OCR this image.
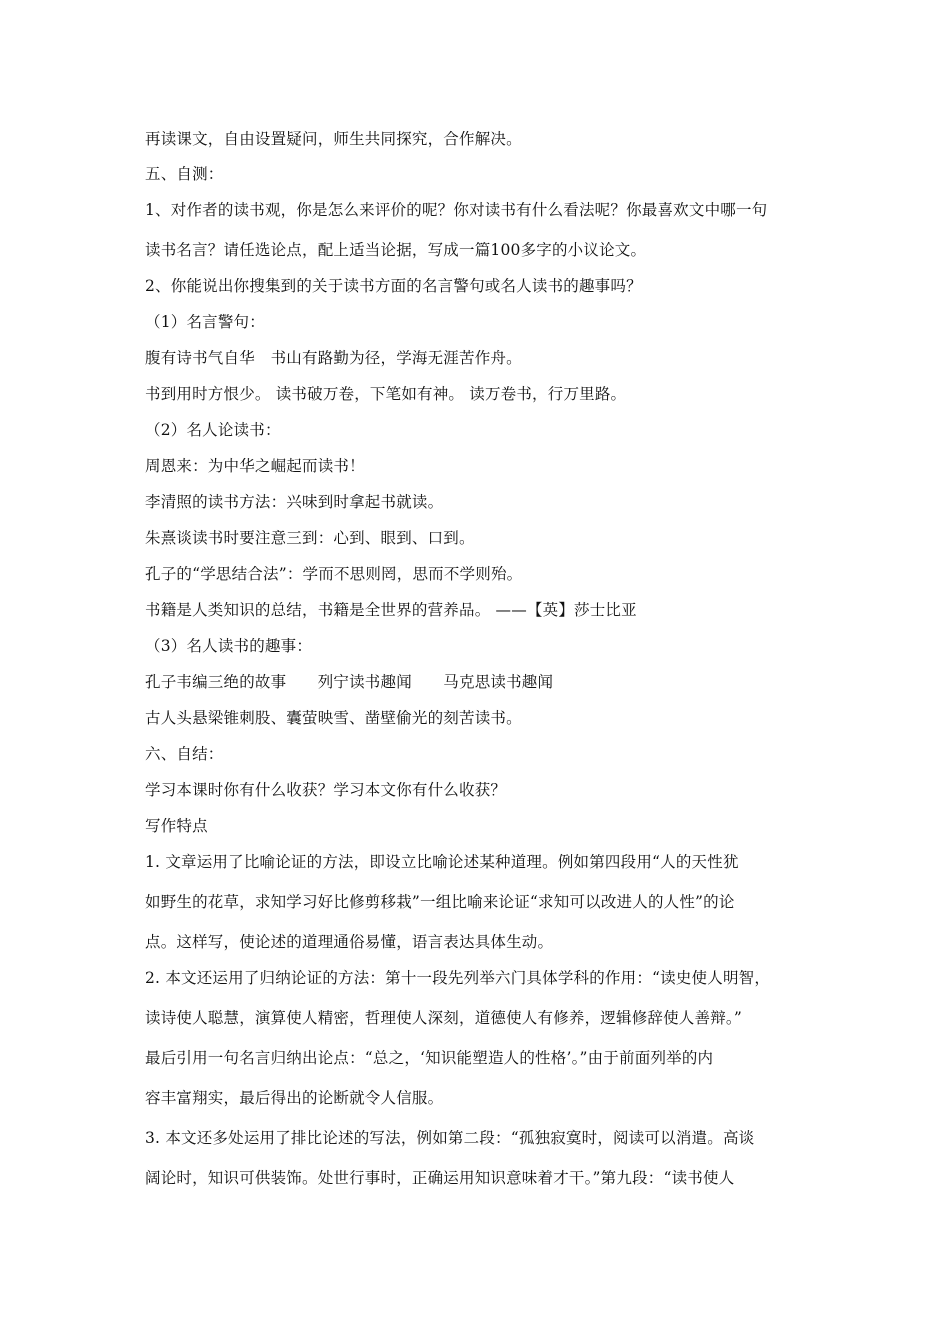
再读课文，自由设置疑问，师生共同探究，合作解决。
五、自测：
1、对作者的读书观，你是怎么来评价的呢？你对读书有什么看法呢？你最喜欢文中哪一句
读书名言？请任选论点，配上适当论据，写成一篇100多字的小议论文。
2、你能说出你搜集到的关于读书方面的名言警句或名人读书的趣事吗？
（1）名言警句：
腹有诗书气自华　书山有路勤为径，学海无涯苦作舟。
书到用时方恨少。 读书破万卷，下笔如有神。 读万卷书，行万里路。
（2）名人论读书：
周恩来：为中华之崛起而读书！
李清照的读书方法：兴味到时拿起书就读。
朱熹谈读书时要注意三到：心到、眼到、口到。
孔子的“学思结合法”：学而不思则罔，思而不学则殆。
书籍是人类知识的总结，书籍是全世界的营养品。 ——【英】莎士比亚
（3）名人读书的趣事：
孔子韦编三绝的故事　　列宁读书趣闻　　马克思读书趣闻
古人头悬梁锥刺股、囊萤映雪、凿壁偷光的刻苦读书。
六、自结：
学习本课时你有什么收获？学习本文你有什么收获？
写作特点
1. 文章运用了比喻论证的方法，即设立比喻论述某种道理。例如第四段用“人的天性犹
如野生的花草，求知学习好比修剪移栽”一组比喻来论证“求知可以改进人的人性”的论
点。这样写，使论述的道理通俗易懂，语言表达具体生动。
2. 本文还运用了归纳论证的方法：第十一段先列举六门具体学科的作用：“读史使人明智，
读诗使人聪慧，演算使人精密，哲理使人深刻，道德使人有修养，逻辑修辞使人善辩。”
最后引用一句名言归纳出论点：“总之，‘知识能塑造人的性格’。”由于前面列举的内
容丰富翔实，最后得出的论断就令人信服。
3. 本文还多处运用了排比论述的写法，例如第二段：“孤独寂寞时，阅读可以消遣。高谈
阔论时，知识可供装饰。处世行事时，正确运用知识意味着才干。”第九段：“读书使人
